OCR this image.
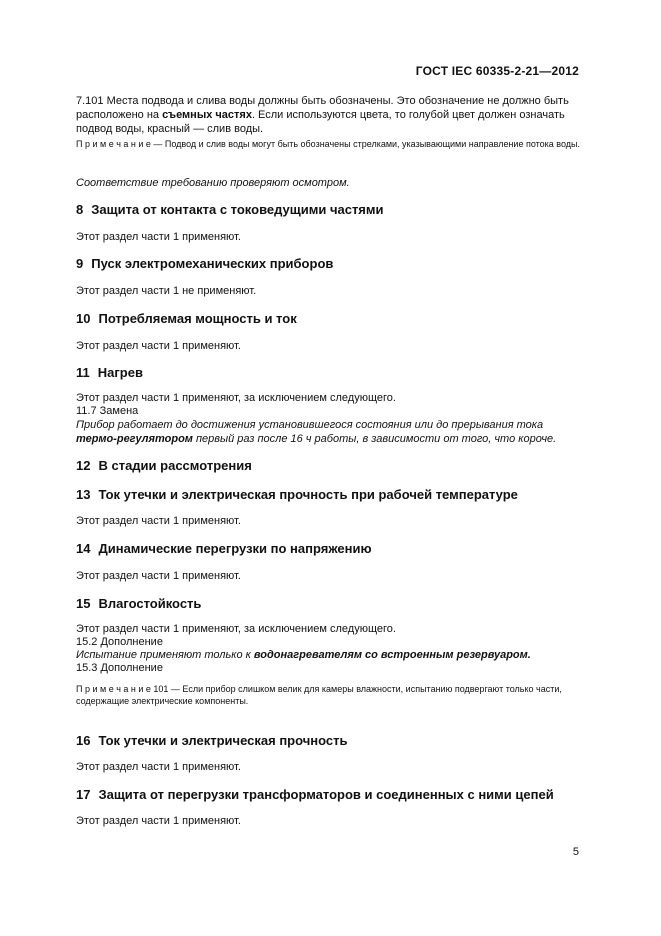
ГОСТ IEC 60335-2-21—2012

7.101 Места подвода и слива воды должны быть обозначены. Это обозначение не должно быть расположено на съемных частях. Если используются цвета, то голубой цвет должен означать подвод воды, красный — слив воды.

П р и м е ч а н и е — Подвод и слив воды могут быть обозначены стрелками, указывающими направление потока воды.
Соответствие требованию проверяют осмотром.
8 Защита от контакта с токоведущими частями
Этот раздел части 1 применяют.
9 Пуск электромеханических приборов
Этот раздел части 1 не применяют.
10 Потребляемая мощность и ток
Этот раздел части 1 применяют.
11 Нагрев
Этот раздел части 1 применяют, за исключением следующего.
11.7 Замена
Прибор работает до достижения установившегося состояния или до прерывания тока термо-регулятором первый раз после 16 ч работы, в зависимости от того, что короче.
12 В стадии рассмотрения
13 Ток утечки и электрическая прочность при рабочей температуре
Этот раздел части 1 применяют.
14 Динамические перегрузки по напряжению
Этот раздел части 1 применяют.
15 Влагостойкость
Этот раздел части 1 применяют, за исключением следующего.
15.2 Дополнение
Испытание применяют только к водонагревателям со встроенным резервуаром.
15.3 Дополнение
П р и м е ч а н и е 101 — Если прибор слишком велик для камеры влажности, испытанию подвергают только части, содержащие электрические компоненты.
16 Ток утечки и электрическая прочность
Этот раздел части 1 применяют.
17 Защита от перегрузки трансформаторов и соединенных с ними цепей
Этот раздел части 1 применяют.
5
